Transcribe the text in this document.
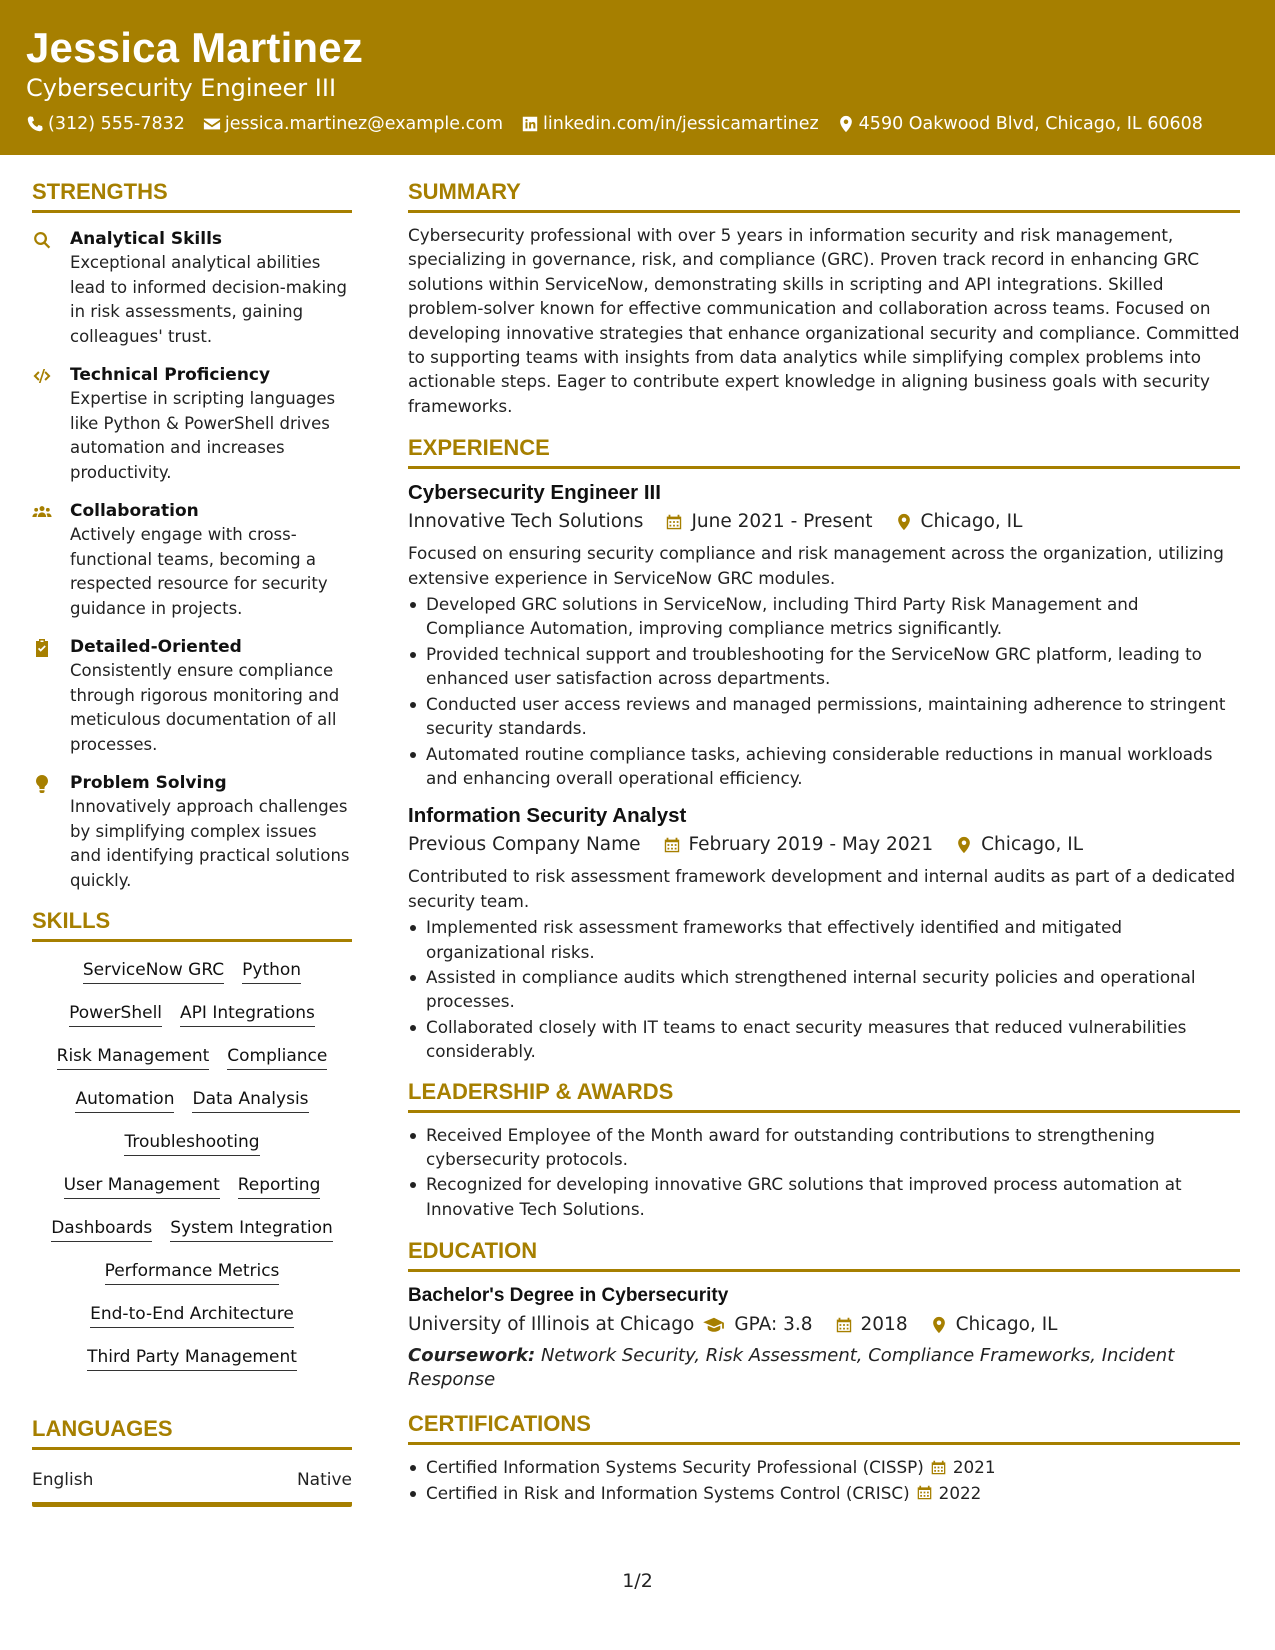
Jessica Martinez
Cybersecurity Engineer III
(312) 555-7832 jessica.martinez@example.com linkedin.com/in/jessicamartinez 4590 Oakwood Blvd, Chicago, IL 60608
STRENGTHS
Analytical Skills
Exceptional analytical abilities lead to informed decision-making in risk assessments, gaining colleagues' trust.
Technical Proficiency
Expertise in scripting languages like Python & PowerShell drives automation and increases productivity.
Collaboration
Actively engage with cross-functional teams, becoming a respected resource for security guidance in projects.
Detailed-Oriented
Consistently ensure compliance through rigorous monitoring and meticulous documentation of all processes.
Problem Solving
Innovatively approach challenges by simplifying complex issues and identifying practical solutions quickly.
SKILLS
ServiceNow GRC Python
PowerShell API Integrations
Risk Management Compliance
Automation Data Analysis
Troubleshooting
User Management Reporting
Dashboards System Integration
Performance Metrics
End-to-End Architecture
Third Party Management
LANGUAGES
English	Native
SUMMARY
Cybersecurity professional with over 5 years in information security and risk management, specializing in governance, risk, and compliance (GRC). Proven track record in enhancing GRC solutions within ServiceNow, demonstrating skills in scripting and API integrations. Skilled problem-solver known for effective communication and collaboration across teams. Focused on developing innovative strategies that enhance organizational security and compliance. Committed to supporting teams with insights from data analytics while simplifying complex problems into actionable steps. Eager to contribute expert knowledge in aligning business goals with security frameworks.
EXPERIENCE
Cybersecurity Engineer III
Innovative Tech Solutions	June 2021 - Present	Chicago, IL
Focused on ensuring security compliance and risk management across the organization, utilizing extensive experience in ServiceNow GRC modules.
Developed GRC solutions in ServiceNow, including Third Party Risk Management and Compliance Automation, improving compliance metrics significantly.
Provided technical support and troubleshooting for the ServiceNow GRC platform, leading to enhanced user satisfaction across departments.
Conducted user access reviews and managed permissions, maintaining adherence to stringent security standards.
Automated routine compliance tasks, achieving considerable reductions in manual workloads and enhancing overall operational efficiency.
Information Security Analyst
Previous Company Name	February 2019 - May 2021	Chicago, IL
Contributed to risk assessment framework development and internal audits as part of a dedicated security team.
Implemented risk assessment frameworks that effectively identified and mitigated organizational risks.
Assisted in compliance audits which strengthened internal security policies and operational processes.
Collaborated closely with IT teams to enact security measures that reduced vulnerabilities considerably.
LEADERSHIP & AWARDS
Received Employee of the Month award for outstanding contributions to strengthening cybersecurity protocols.
Recognized for developing innovative GRC solutions that improved process automation at Innovative Tech Solutions.
EDUCATION
Bachelor's Degree in Cybersecurity
University of Illinois at Chicago GPA: 3.8	2018	Chicago, IL
Coursework: Network Security, Risk Assessment, Compliance Frameworks, Incident Response
CERTIFICATIONS
Certified Information Systems Security Professional (CISSP) 2021
Certified in Risk and Information Systems Control (CRISC) 2022
1/2
